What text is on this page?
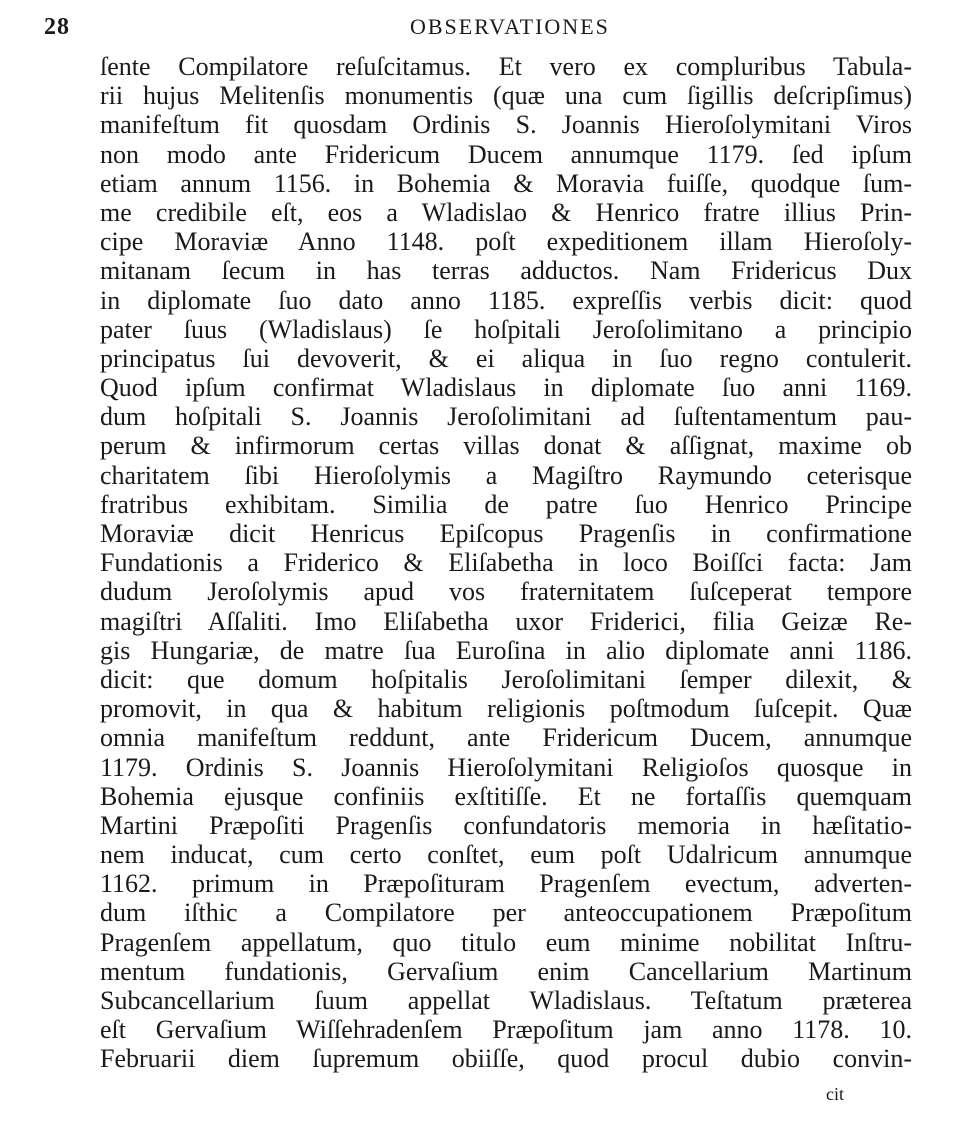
28	OBSERVATIONES
ſente Compilatore reſuſcitamus. Et vero ex compluribus Tabula-
rii hujus Melitenſis monumentis (quæ una cum ſigillis deſcripſimus)
manifeſtum fit quosdam Ordinis S. Joannis Hieroſolymitani Viros
non modo ante Fridericum Ducem annumque 1179. ſed ipſum
etiam annum 1156. in Bohemia & Moravia fuiſſe, quodque ſum-
me credibile eſt, eos a Wladislao & Henrico fratre illius Prin-
cipe Moraviæ Anno 1148. poſt expeditionem illam Hieroſoly-
mitanam ſecum in has terras adductos. Nam Fridericus Dux
in diplomate ſuo dato anno 1185. expreſſis verbis dicit: quod
pater ſuus (Wladislaus) ſe hoſpitali Jeroſolimitano a principio
principatus ſui devoverit, & ei aliqua in ſuo regno contulerit.
Quod ipſum confirmat Wladislaus in diplomate ſuo anni 1169.
dum hoſpitali S. Joannis Jeroſolimitani ad ſuſtentamentum pau-
perum & infirmorum certas villas donat & aſſignat, maxime ob
charitatem ſibi Hieroſolymis a Magiſtro Raymundo ceterisque
fratribus exhibitam. Similia de patre ſuo Henrico Principe
Moraviæ dicit Henricus Epiſcopus Pragenſis in confirmatione
Fundationis a Friderico & Eliſabetha in loco Boiſſci facta: Jam
dudum Jeroſolymis apud vos fraternitatem ſuſceperat tempore
magiſtri Aſſaliti. Imo Eliſabetha uxor Friderici, filia Geizæ Re-
gis Hungariæ, de matre ſua Euroſina in alio diplomate anni 1186.
dicit: que domum hoſpitalis Jeroſolimitani ſemper dilexit, &
promovit, in qua & habitum religionis poſtmodum ſuſcepit. Quæ
omnia manifeſtum reddunt, ante Fridericum Ducem, annumque
1179. Ordinis S. Joannis Hieroſolymitani Religioſos quosque in
Bohemia ejusque confiniis exſtitiſſe. Et ne fortaſſis quemquam
Martini Præpoſiti Pragenſis confundatoris memoria in hæſitatio-
nem inducat, cum certo conſtet, eum poſt Udalricum annumque
1162. primum in Præpoſituram Pragenſem evectum, adverten-
dum iſthic a Compilatore per anteoccupationem Præpoſitum
Pragenſem appellatum, quo titulo eum minime nobilitat Inſtru-
mentum fundationis, Gervaſium enim Cancellarium Martinum
Subcancellarium ſuum appellat Wladislaus. Teſtatum præterea
eſt Gervaſium Wiſſehradenſem Præpoſitum jam anno 1178. 10.
Februarii diem ſupremum obiiſſe, quod procul dubio convin-
cit
